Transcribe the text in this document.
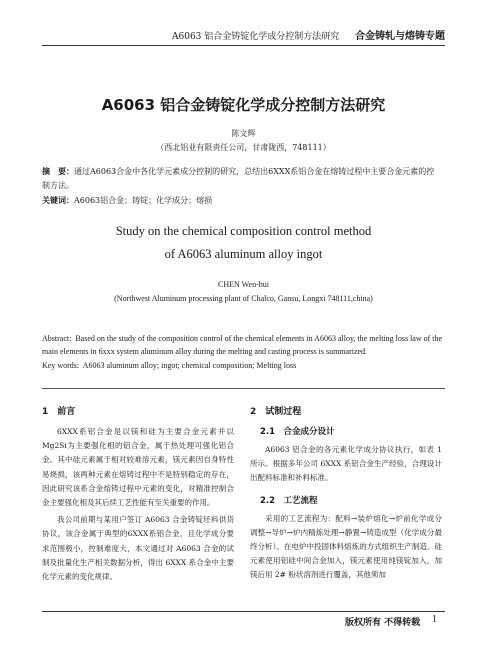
A6063 铝合金铸锭化学成分控制方法研究 合金铸轧与熔铸专题
A6063 铝合金铸锭化学成分控制方法研究
陈文辉
（西北铝业有限责任公司，甘肃陇西，748111）
摘　要：通过A6063合金中各化学元素成分控制的研究，总结出6XXX系铝合金在熔铸过程中主要合金元素的控制方法。
关键词：A6063铝合金；铸锭；化学成分；熔损
Study on the chemical composition control method
of A6063 aluminum alloy ingot
CHEN Wen-hui
(Northwest Aluminum processing plant of Chalco, Gansu, Longxi 748111,china)
Abstract: Based on the study of the composition control of the chemical elements in A6063 alloy, the melting loss law of the main elements in 6xxx system aluminum alloy during the melting and casting process is summarized.
Key words: A6063 aluminum alloy; ingot; chemical composition; Melting loss
1　前言

6XXX系铝合金是以镁和硅为主要合金元素并以Mg2Si为主要强化相的铝合金，属于热处理可强化铝合金。其中硅元素属于相对较难溶元素，镁元素因自身特性易烧损，该两种元素在熔铸过程中不是特别稳定的存在，因此研究该系合金熔铸过程中元素的变化，对精准控制合金主要强化相及其后续工艺性能有至关重要的作用。

我公司前期与某用户签订 A6063 合金铸锭坯料供货协议，该合金属于典型的6XXX系铝合金，且化学成分要求范围极小，控制难度大，本文通过对 A6063 合金的试制及批量化生产相关数据分析，得出 6XXX 系合金中主要化学元素的变化规律。

2　试制过程
2.1　合金成分设计

A6063 铝合金的各元素化学成分协议执行，如表 1 所示。根据多年公司 6XXX 系铝合金生产经验，合理设计出配料标准和补料标准。

2.2　工艺流程

采用的工艺流程为：配料→装炉熔化→炉前化学成分调整→导炉→炉内精炼处理→静置→铸造成型（化学成分最终分析）。在电炉中投固体料熔炼的方式组织生产制造。硅元素使用铝硅中间合金加入，镁元素使用纯镁锭加入，加镁后用 2# 粉状溶剂进行覆盖，其他须加

版权所有 不得转载 1
